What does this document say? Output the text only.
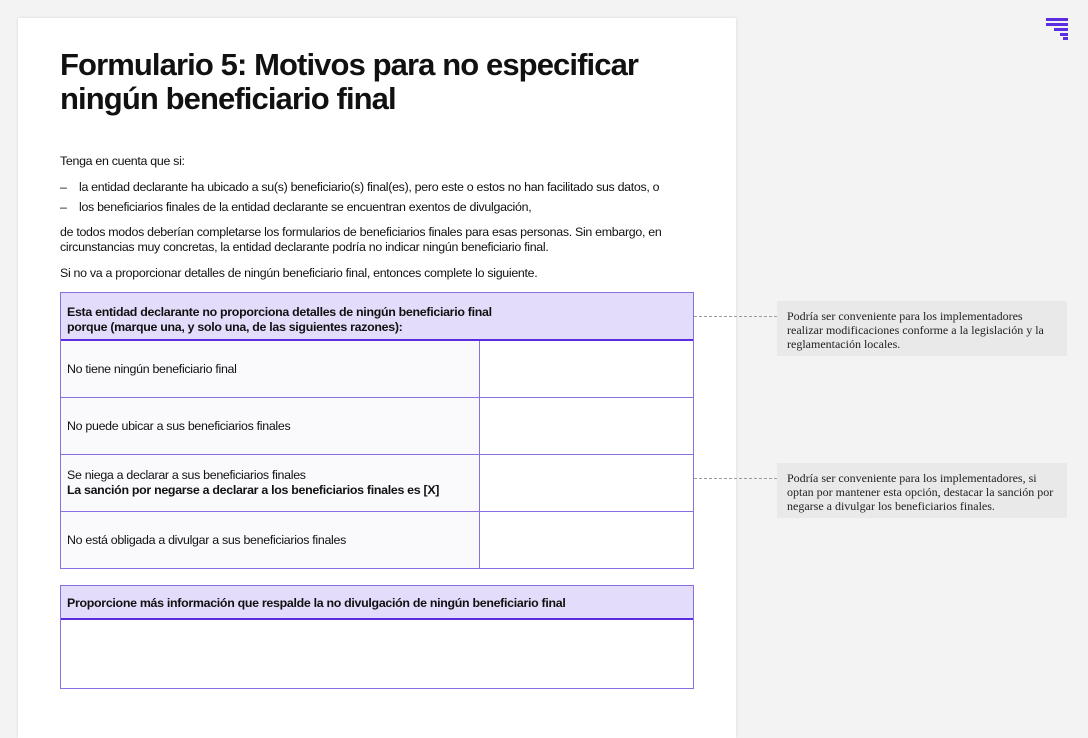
Formulario 5: Motivos para no especificar ningún beneficiario final

Tenga en cuenta que si:

– la entidad declarante ha ubicado a su(s) beneficiario(s) final(es), pero este o estos no han facilitado sus datos, o
– los beneficiarios finales de la entidad declarante se encuentran exentos de divulgación,

de todos modos deberían completarse los formularios de beneficiarios finales para esas personas. Sin embargo, en circunstancias muy concretas, la entidad declarante podría no indicar ningún beneficiario final.

Si no va a proporcionar detalles de ningún beneficiario final, entonces complete lo siguiente.

Esta entidad declarante no proporciona detalles de ningún beneficiario final
porque (marque una, y solo una, de las siguientes razones):
No tiene ningún beneficiario final
No puede ubicar a sus beneficiarios finales
Se niega a declarar a sus beneficiarios finales
La sanción por negarse a declarar a los beneficiarios finales es [X]
No está obligada a divulgar a sus beneficiarios finales
Proporcione más información que respalde la no divulgación de ningún beneficiario final
Podría ser conveniente para los implementadores realizar modificaciones conforme a la legislación y la reglamentación locales.
Podría ser conveniente para los implementadores, si optan por mantener esta opción, destacar la sanción por negarse a divulgar los beneficiarios finales.
